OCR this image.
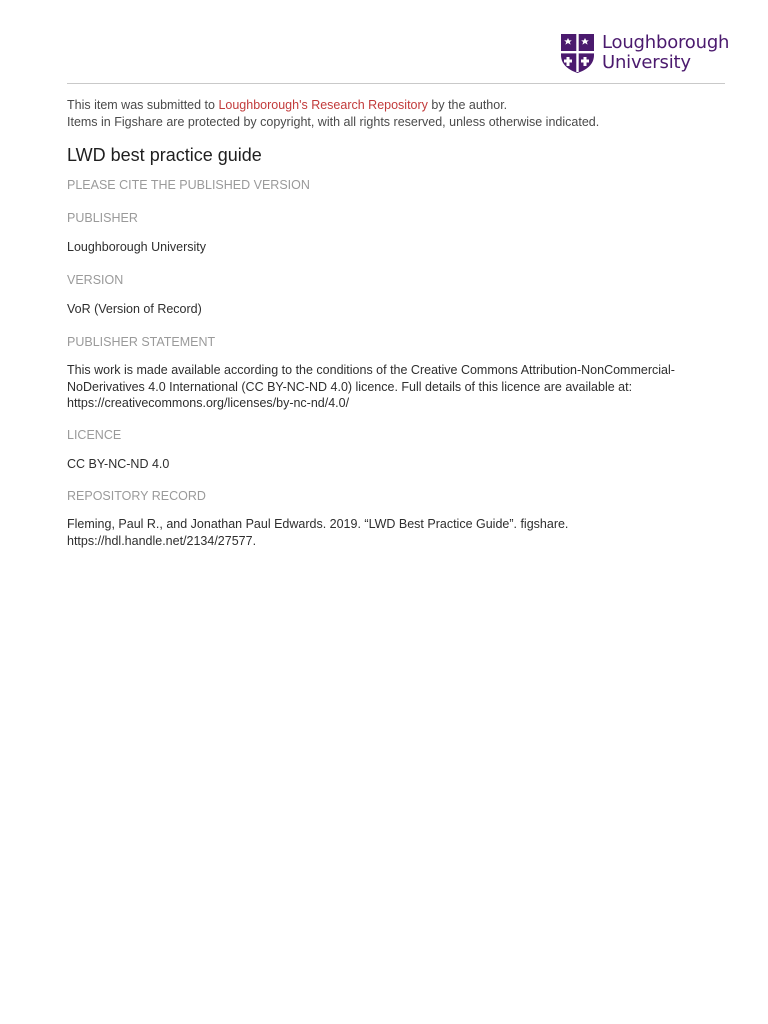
Loughborough
University
This item was submitted to Loughborough's Research Repository by the author.
Items in Figshare are protected by copyright, with all rights reserved, unless otherwise indicated.
LWD best practice guide
PLEASE CITE THE PUBLISHED VERSION
PUBLISHER
Loughborough University
VERSION
VoR (Version of Record)
PUBLISHER STATEMENT
This work is made available according to the conditions of the Creative Commons Attribution-NonCommercial-
NoDerivatives 4.0 International (CC BY-NC-ND 4.0) licence. Full details of this licence are available at:
https://creativecommons.org/licenses/by-nc-nd/4.0/
LICENCE
CC BY-NC-ND 4.0
REPOSITORY RECORD
Fleming, Paul R., and Jonathan Paul Edwards. 2019. “LWD Best Practice Guide”. figshare.
https://hdl.handle.net/2134/27577.
